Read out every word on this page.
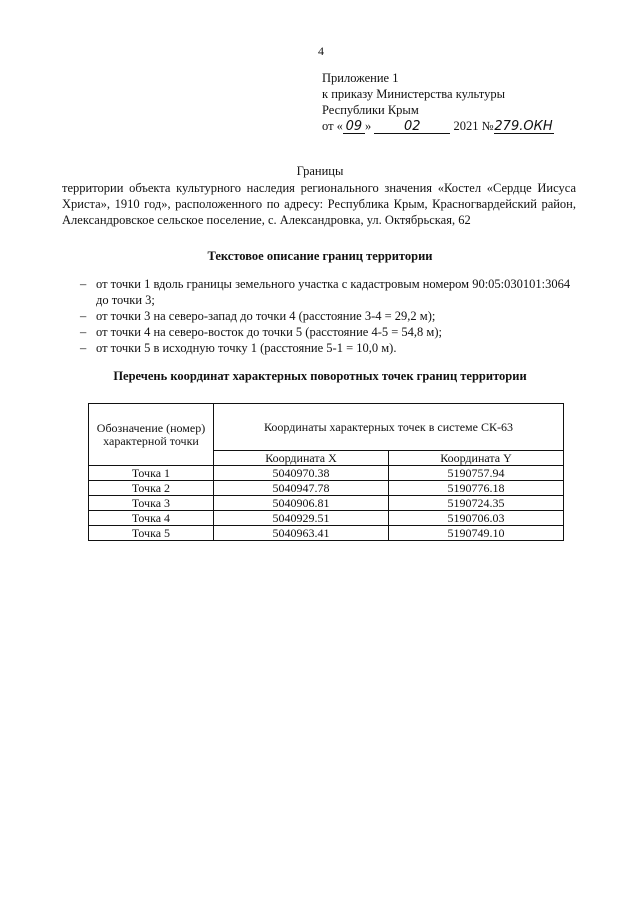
4
Приложение 1
к приказу Министерства культуры
Республики Крым
от « 09 »	02	2021 №279.ОКН
Границы
территории объекта культурного наследия регионального значения «Костел «Сердце Иисуса Христа», 1910 год», расположенного по адресу: Республика Крым, Красногвардейский район, Александровское сельское поселение, с. Александровка, ул. Октябрьская, 62
Текстовое описание границ территории
– от точки 1 вдоль границы земельного участка с кадастровым номером 90:05:030101:3064 до точки 3;
– от точки 3 на северо-запад до точки 4 (расстояние 3-4 = 29,2 м);
– от точки 4 на северо-восток до точки 5 (расстояние 4-5 = 54,8 м);
– от точки 5 в исходную точку 1 (расстояние 5-1 = 10,0 м).
Перечень координат характерных поворотных точек границ территории
Обозначение (номер) характерной точки	Координаты характерных точек в системе СК-63	
	Координата X	Координата Y
Точка 1	5040970.38	5190757.94
Точка 2	5040947.78	5190776.18
Точка 3	5040906.81	5190724.35
Точка 4	5040929.51	5190706.03
Точка 5	5040963.41	5190749.10
